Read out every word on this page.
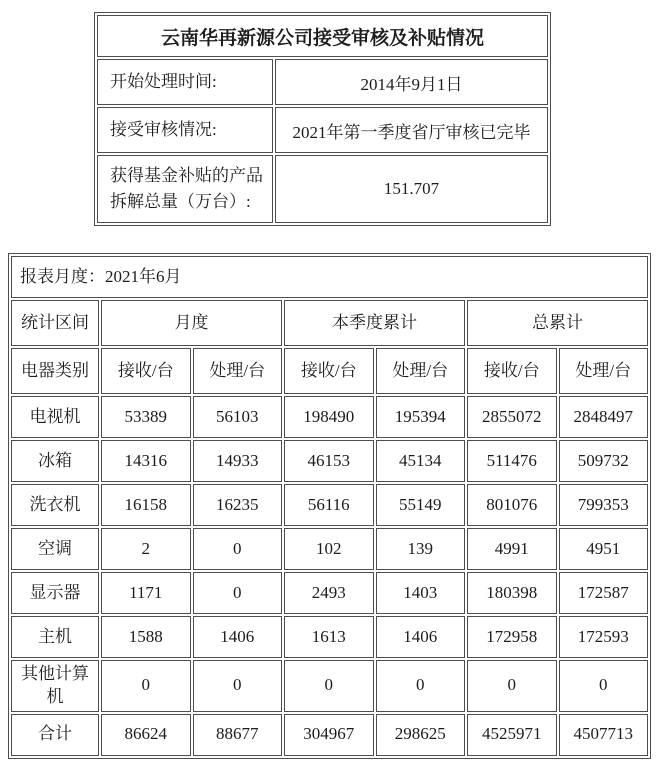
云南华再新源公司接受审核及补贴情况	
开始处理时间:	2014年9月1日
接受审核情况:	2021年第一季度省厅审核已完毕
获得基金补贴的产品拆解总量（万台）:	151.707
报表月度：2021年6月						
统计区间	月度		本季度累计		总累计	
电器类别	接收/台	处理/台	接收/台	处理/台	接收/台	处理/台
电视机	53389	56103	198490	195394	2855072	2848497
冰箱	14316	14933	46153	45134	511476	509732
洗衣机	16158	16235	56116	55149	801076	799353
空调	2	0	102	139	4991	4951
显示器	1171	0	2493	1403	180398	172587
主机	1588	1406	1613	1406	172958	172593
其他计算机	0	0	0	0	0	0
合计	86624	88677	304967	298625	4525971	4507713
